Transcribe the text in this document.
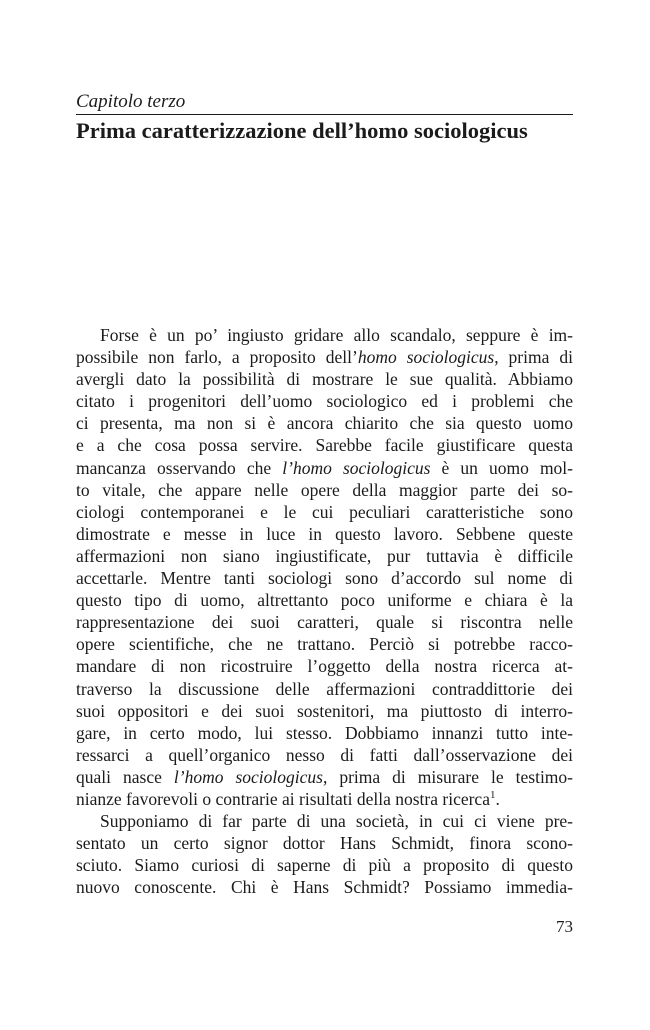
Capitolo terzo
Prima caratterizzazione dell’homo sociologicus
Forse è un po’ ingiusto gridare allo scandalo, seppure è im-
possibile non farlo, a proposito dell’homo sociologicus, prima di
avergli dato la possibilità di mostrare le sue qualità. Abbiamo
citato i progenitori dell’uomo sociologico ed i problemi che
ci presenta, ma non si è ancora chiarito che sia questo uomo
e a che cosa possa servire. Sarebbe facile giustificare questa
mancanza osservando che l’homo sociologicus è un uomo mol-
to vitale, che appare nelle opere della maggior parte dei so-
ciologi contemporanei e le cui peculiari caratteristiche sono
dimostrate e messe in luce in questo lavoro. Sebbene queste
affermazioni non siano ingiustificate, pur tuttavia è difficile
accettarle. Mentre tanti sociologi sono d’accordo sul nome di
questo tipo di uomo, altrettanto poco uniforme e chiara è la
rappresentazione dei suoi caratteri, quale si riscontra nelle
opere scientifiche, che ne trattano. Perciò si potrebbe racco-
mandare di non ricostruire l’oggetto della nostra ricerca at-
traverso la discussione delle affermazioni contraddittorie dei
suoi oppositori e dei suoi sostenitori, ma piuttosto di interro-
gare, in certo modo, lui stesso. Dobbiamo innanzi tutto inte-
ressarci a quell’organico nesso di fatti dall’osservazione dei
quali nasce l’homo sociologicus, prima di misurare le testimo-
nianze favorevoli o contrarie ai risultati della nostra ricerca$^1$.
Supponiamo di far parte di una società, in cui ci viene pre-
sentato un certo signor dottor Hans Schmidt, finora scono-
sciuto. Siamo curiosi di saperne di più a proposito di questo
nuovo conoscente. Chi è Hans Schmidt? Possiamo immedia-
73
